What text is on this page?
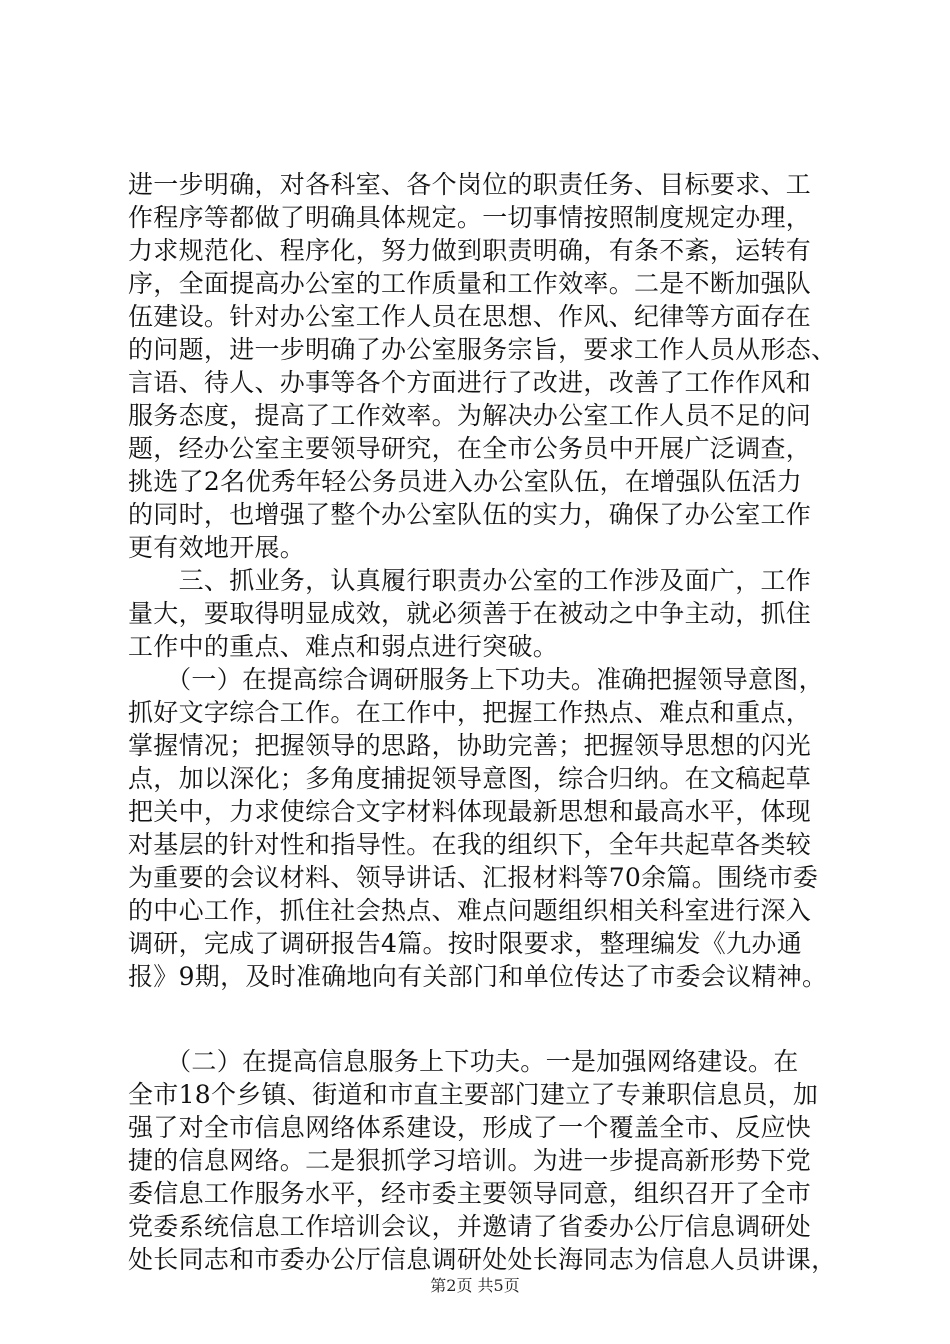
进一步明确，对各科室、各个岗位的职责任务、目标要求、工
作程序等都做了明确具体规定。一切事情按照制度规定办理，
力求规范化、程序化，努力做到职责明确，有条不紊，运转有
序，全面提高办公室的工作质量和工作效率。二是不断加强队
伍建设。针对办公室工作人员在思想、作风、纪律等方面存在
的问题，进一步明确了办公室服务宗旨，要求工作人员从形态、
言语、待人、办事等各个方面进行了改进，改善了工作作风和
服务态度，提高了工作效率。为解决办公室工作人员不足的问
题，经办公室主要领导研究，在全市公务员中开展广泛调查，
挑选了2名优秀年轻公务员进入办公室队伍，在增强队伍活力
的同时，也增强了整个办公室队伍的实力，确保了办公室工作
更有效地开展。
　　三、抓业务，认真履行职责办公室的工作涉及面广，工作
量大，要取得明显成效，就必须善于在被动之中争主动，抓住
工作中的重点、难点和弱点进行突破。
　　（一）在提高综合调研服务上下功夫。准确把握领导意图，
抓好文字综合工作。在工作中，把握工作热点、难点和重点，
掌握情况；把握领导的思路，协助完善；把握领导思想的闪光
点，加以深化；多角度捕捉领导意图，综合归纳。在文稿起草
把关中，力求使综合文字材料体现最新思想和最高水平，体现
对基层的针对性和指导性。在我的组织下，全年共起草各类较
为重要的会议材料、领导讲话、汇报材料等70余篇。围绕市委
的中心工作，抓住社会热点、难点问题组织相关科室进行深入
调研，完成了调研报告4篇。按时限要求，整理编发《九办通
报》9期，及时准确地向有关部门和单位传达了市委会议精神。
　　（二）在提高信息服务上下功夫。一是加强网络建设。在
全市18个乡镇、街道和市直主要部门建立了专兼职信息员，加
强了对全市信息网络体系建设，形成了一个覆盖全市、反应快
捷的信息网络。二是狠抓学习培训。为进一步提高新形势下党
委信息工作服务水平，经市委主要领导同意，组织召开了全市
党委系统信息工作培训会议，并邀请了省委办公厅信息调研处
处长同志和市委办公厅信息调研处处长海同志为信息人员讲课，
第2页 共5页
